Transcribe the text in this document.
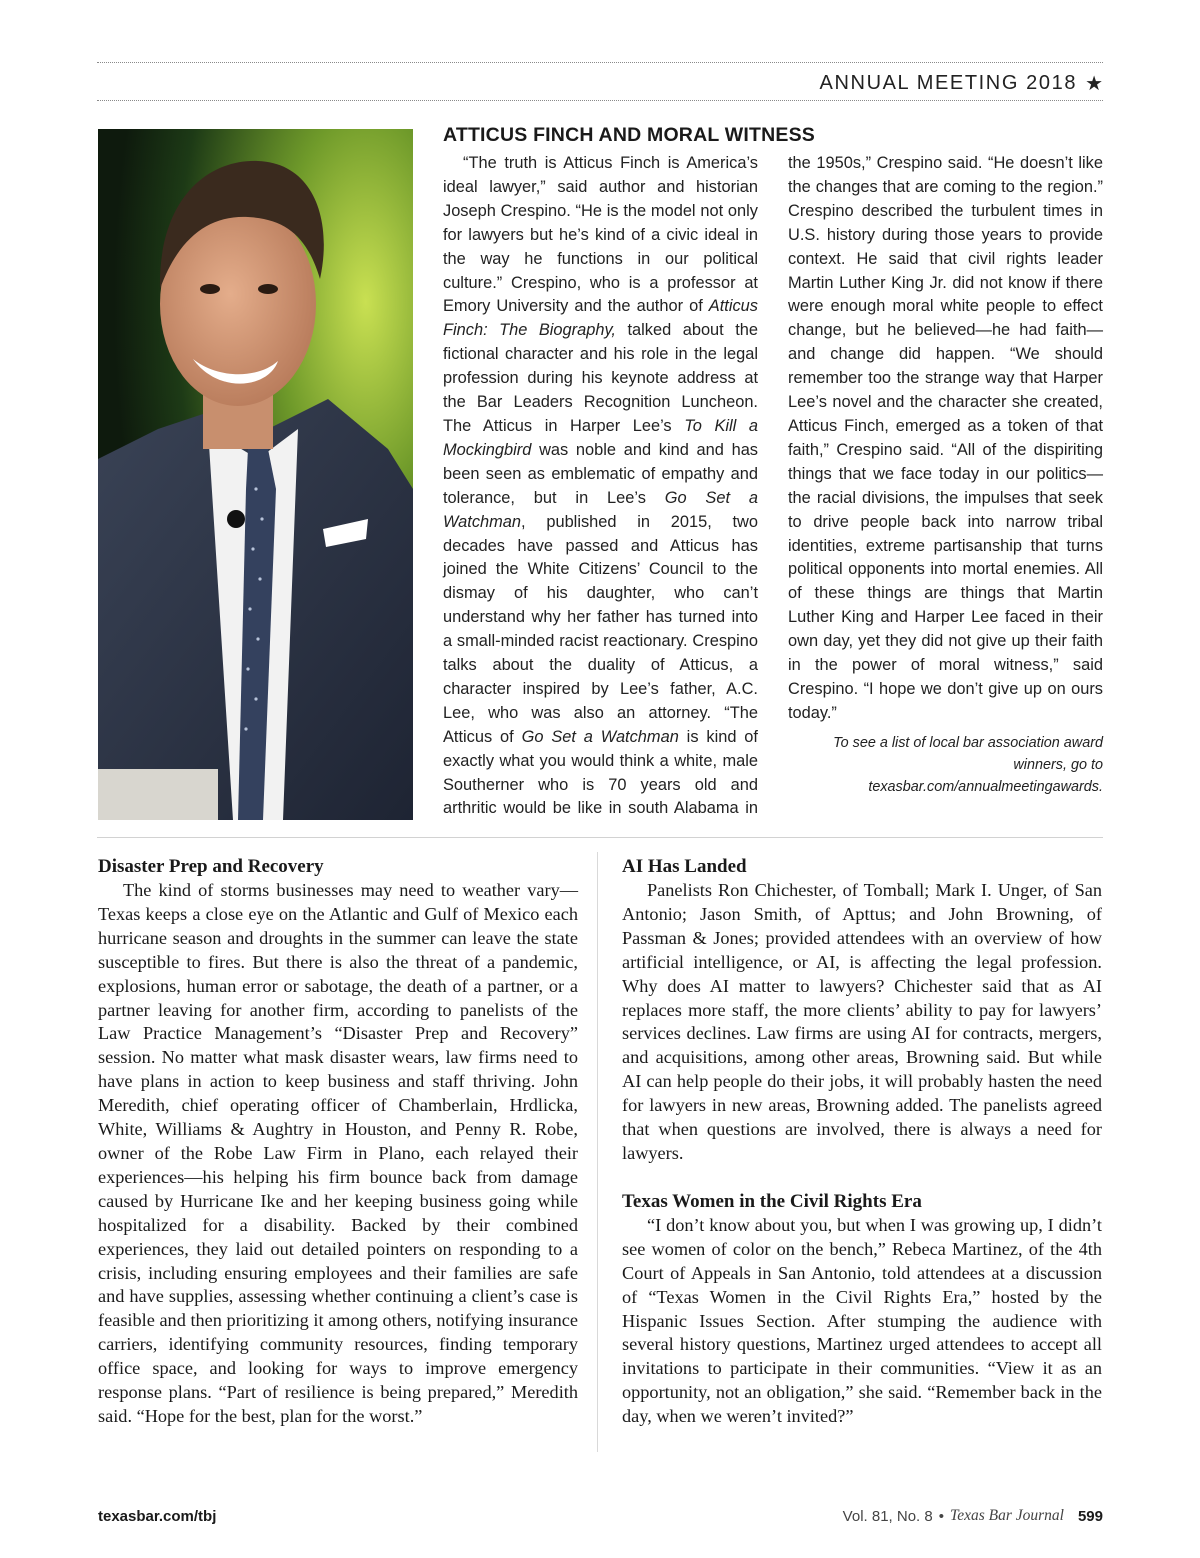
ANNUAL MEETING 2018 ★
ATTICUS FINCH AND MORAL WITNESS

“The truth is Atticus Finch is America’s ideal lawyer,” said author and historian Joseph Crespino. “He is the model not only for lawyers but he’s kind of a civic ideal in the way he functions in our political culture.” Crespino, who is a professor at Emory University and the author of Atticus Finch: The Biography, talked about the fictional character and his role in the legal profession during his keynote address at the Bar Leaders Recognition Luncheon. The Atticus in Harper Lee’s To Kill a Mockingbird was noble and kind and has been seen as emblematic of empathy and tolerance, but in Lee’s Go Set a Watchman, published in 2015, two decades have passed and Atticus has joined the White Citizens’ Council to the dismay of his daughter, who can’t understand why her father has turned into a small-minded racist reactionary. Crespino talks about the duality of Atticus, a character inspired by Lee’s father, A.C. Lee, who was also an attorney. “The Atticus of Go Set a Watchman is kind of exactly what you would think a white, male Southerner who is 70 years old and arthritic would be like in south Alabama in the 1950s,” Crespino said. “He doesn’t like the changes that are coming to the region.” Crespino described the turbulent times in U.S. history during those years to provide context. He said that civil rights leader Martin Luther King Jr. did not know if there were enough moral white people to effect change, but he believed—he had faith—and change did happen. “We should remember too the strange way that Harper Lee’s novel and the character she created, Atticus Finch, emerged as a token of that faith,” Crespino said. “All of the dispiriting things that we face today in our politics—the racial divisions, the impulses that seek to drive people back into narrow tribal identities, extreme partisanship that turns political opponents into mortal enemies. All of these things are things that Martin Luther King and Harper Lee faced in their own day, yet they did not give up their faith in the power of moral witness,” said Crespino. “I hope we don’t give up on ours today.”

To see a list of local bar association award winners, go to texasbar.com/annualmeetingawards.

Disaster Prep and Recovery

The kind of storms businesses may need to weather vary—Texas keeps a close eye on the Atlantic and Gulf of Mexico each hurricane season and droughts in the summer can leave the state susceptible to fires. But there is also the threat of a pandemic, explosions, human error or sabotage, the death of a partner, or a partner leaving for another firm, according to panelists of the Law Practice Management’s “Disaster Prep and Recovery” session. No matter what mask disaster wears, law firms need to have plans in action to keep business and staff thriving. John Meredith, chief operating officer of Chamberlain, Hrdlicka, White, Williams & Aughtry in Houston, and Penny R. Robe, owner of the Robe Law Firm in Plano, each relayed their experiences—his helping his firm bounce back from damage caused by Hurricane Ike and her keeping business going while hospitalized for a disability. Backed by their combined experiences, they laid out detailed pointers on responding to a crisis, including ensuring employees and their families are safe and have supplies, assessing whether continuing a client’s case is feasible and then prioritizing it among others, notifying insurance carriers, identifying community resources, finding temporary office space, and looking for ways to improve emergency response plans. “Part of resilience is being prepared,” Meredith said. “Hope for the best, plan for the worst.”

AI Has Landed

Panelists Ron Chichester, of Tomball; Mark I. Unger, of San Antonio; Jason Smith, of Apttus; and John Browning, of Passman & Jones; provided attendees with an overview of how artificial intelligence, or AI, is affecting the legal profession. Why does AI matter to lawyers? Chichester said that as AI replaces more staff, the more clients’ ability to pay for lawyers’ services declines. Law firms are using AI for contracts, mergers, and acquisitions, among other areas, Browning said. But while AI can help people do their jobs, it will probably hasten the need for lawyers in new areas, Browning added. The panelists agreed that when questions are involved, there is always a need for lawyers.

Texas Women in the Civil Rights Era

“I don’t know about you, but when I was growing up, I didn’t see women of color on the bench,” Rebeca Martinez, of the 4th Court of Appeals in San Antonio, told attendees at a discussion of “Texas Women in the Civil Rights Era,” hosted by the Hispanic Issues Section. After stumping the audience with several history questions, Martinez urged attendees to accept all invitations to participate in their communities. “View it as an opportunity, not an obligation,” she said. “Remember back in the day, when we weren’t invited?”

texasbar.com/tbj	Vol. 81, No. 8 • Texas Bar Journal 599
